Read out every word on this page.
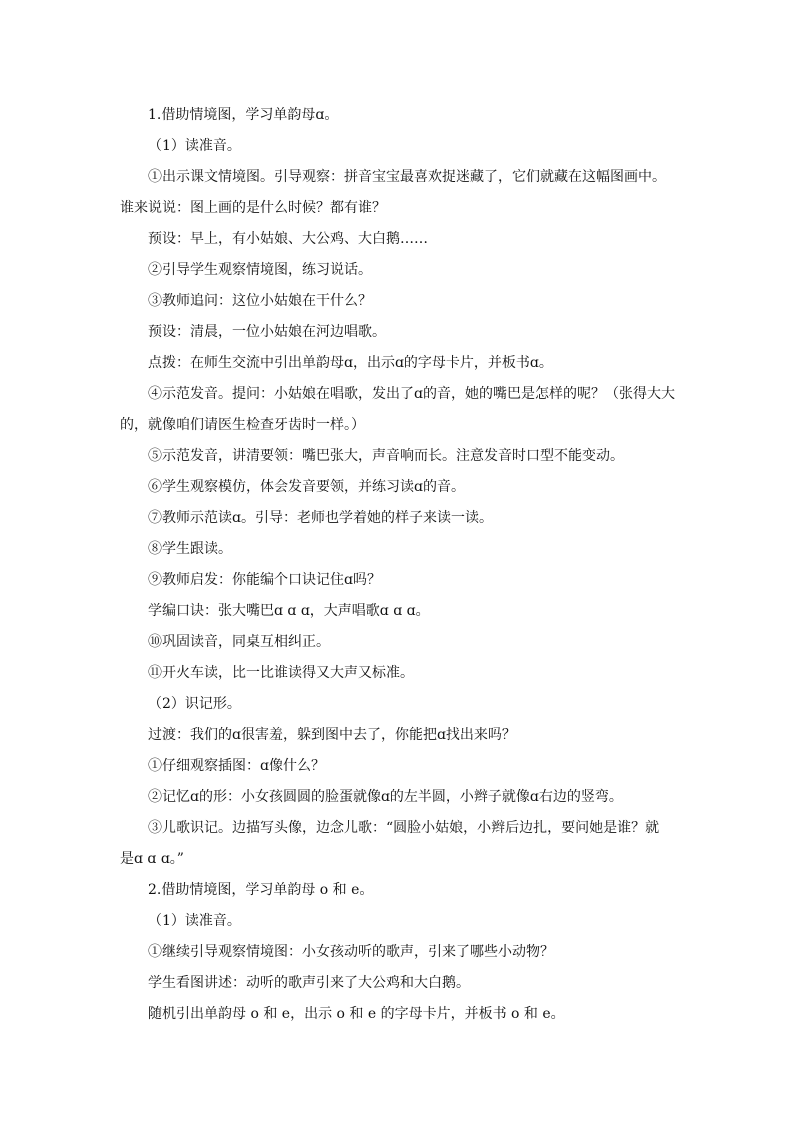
1.借助情境图，学习单韵母ɑ。
（1）读准音。
①出示课文情境图。引导观察：拼音宝宝最喜欢捉迷藏了，它们就藏在这幅图画中。
谁来说说：图上画的是什么时候？都有谁？
预设：早上，有小姑娘、大公鸡、大白鹅……
②引导学生观察情境图，练习说话。
③教师追问：这位小姑娘在干什么？
预设：清晨，一位小姑娘在河边唱歌。
点拨：在师生交流中引出单韵母ɑ，出示ɑ的字母卡片，并板书ɑ。
④示范发音。提问：小姑娘在唱歌，发出了ɑ的音，她的嘴巴是怎样的呢？（张得大大
的，就像咱们请医生检查牙齿时一样。）
⑤示范发音，讲清要领：嘴巴张大，声音响而长。注意发音时口型不能变动。
⑥学生观察模仿，体会发音要领，并练习读ɑ的音。
⑦教师示范读ɑ。引导：老师也学着她的样子来读一读。
⑧学生跟读。
⑨教师启发：你能编个口诀记住ɑ吗？
学编口诀：张大嘴巴ɑ ɑ ɑ，大声唱歌ɑ ɑ ɑ。
⑩巩固读音，同桌互相纠正。
⑪开火车读，比一比谁读得又大声又标准。
（2）识记形。
过渡：我们的ɑ很害羞，躲到图中去了，你能把ɑ找出来吗？
①仔细观察插图：ɑ像什么？
②记忆ɑ的形：小女孩圆圆的脸蛋就像ɑ的左半圆，小辫子就像ɑ右边的竖弯。
③儿歌识记。边描写头像，边念儿歌：“圆脸小姑娘，小辫后边扎，要问她是谁？就
是ɑ ɑ ɑ。”
2.借助情境图，学习单韵母 o 和 e。
（1）读准音。
①继续引导观察情境图：小女孩动听的歌声，引来了哪些小动物？
学生看图讲述：动听的歌声引来了大公鸡和大白鹅。
随机引出单韵母 o 和 e，出示 o 和 e 的字母卡片，并板书 o 和 e。
